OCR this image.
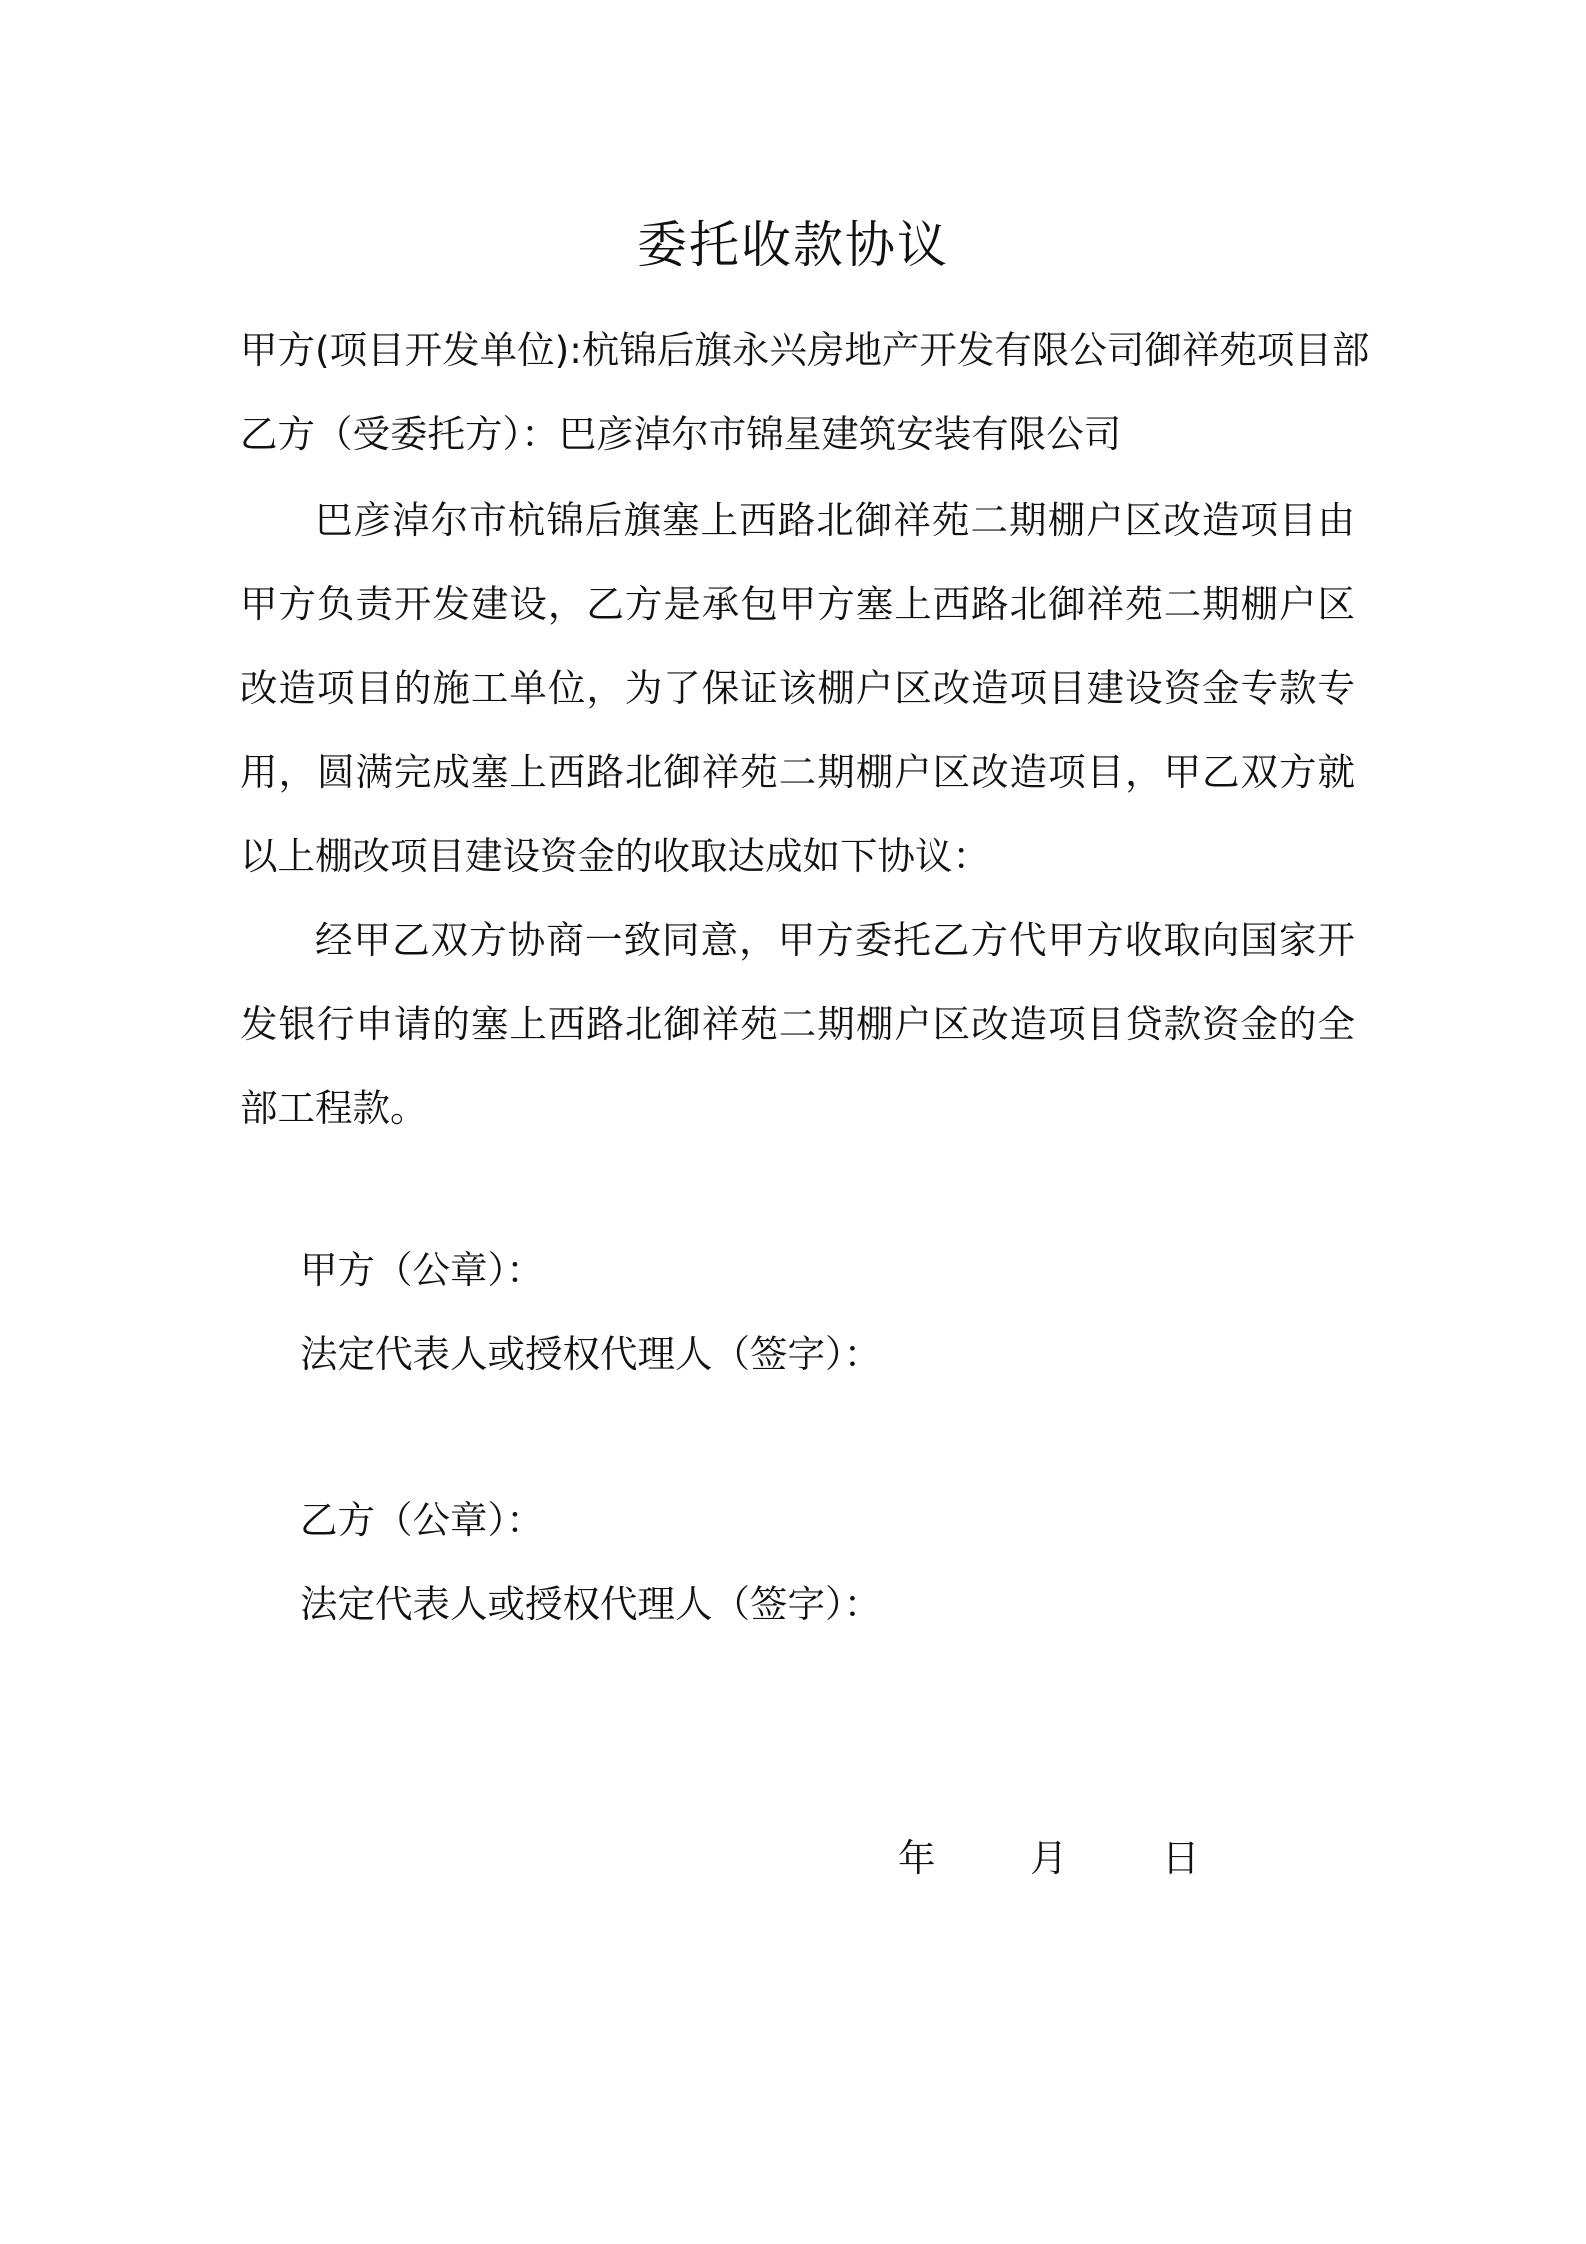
委托收款协议
甲方(项目开发单位):杭锦后旗永兴房地产开发有限公司御祥苑项目部
乙方（受委托方）：巴彦淖尔市锦星建筑安装有限公司
巴彦淖尔市杭锦后旗塞上西路北御祥苑二期棚户区改造项目由甲方负责开发建设，乙方是承包甲方塞上西路北御祥苑二期棚户区改造项目的施工单位，为了保证该棚户区改造项目建设资金专款专用，圆满完成塞上西路北御祥苑二期棚户区改造项目，甲乙双方就以上棚改项目建设资金的收取达成如下协议：
经甲乙双方协商一致同意，甲方委托乙方代甲方收取向国家开发银行申请的塞上西路北御祥苑二期棚户区改造项目贷款资金的全部工程款。
甲方（公章）：
法定代表人或授权代理人（签字）：
乙方（公章）：
法定代表人或授权代理人（签字）：
年	月	日
